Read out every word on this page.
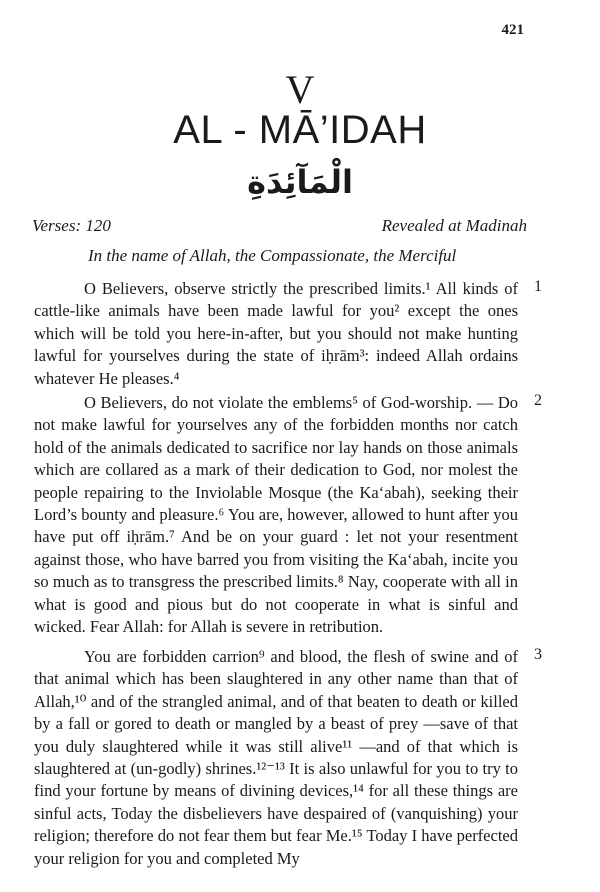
421
V
AL - MĀ’IDAH
الْمَآئِدَةِ
Verses: 120	Revealed at Madinah
In the name of Allah, the Compassionate, the Merciful

O Believers, observe strictly the prescribed limits.¹ All kinds of cattle-like animals have been made lawful for you² except the ones which will be told you here-in-after, but you should not make hunting lawful for yourselves during the state of iḥrām³: indeed Allah ordains whatever He pleases.⁴

1

O Believers, do not violate the emblems⁵ of God-worship. — Do not make lawful for yourselves any of the forbidden months nor catch hold of the animals dedicated to sacrifice nor lay hands on those animals which are collared as a mark of their dedication to God, nor molest the people repairing to the Inviolable Mosque (the Ka‘abah), seeking their Lord’s bounty and pleasure.⁶ You are, however, allowed to hunt after you have put off iḥrām.⁷ And be on your guard : let not your resentment against those, who have barred you from visiting the Ka‘abah, incite you so much as to transgress the prescribed limits.⁸ Nay, cooperate with all in what is good and pious but do not cooperate in what is sinful and wicked. Fear Allah: for Allah is severe in retribution.

2

You are forbidden carrion⁹ and blood, the flesh of swine and of that animal which has been slaughtered in any other name than that of Allah,¹⁰ and of the strangled animal, and of that beaten to death or killed by a fall or gored to death or mangled by a beast of prey —save of that you duly slaughtered while it was still alive¹¹ —and of that which is slaughtered at (un-godly) shrines.¹²⁻¹³ It is also unlawful for you to try to find your fortune by means of divining devices,¹⁴ for all these things are sinful acts, Today the disbelievers have despaired of (vanquishing) your religion; therefore do not fear them but fear Me.¹⁵ Today I have perfected your religion for you and completed My

3
